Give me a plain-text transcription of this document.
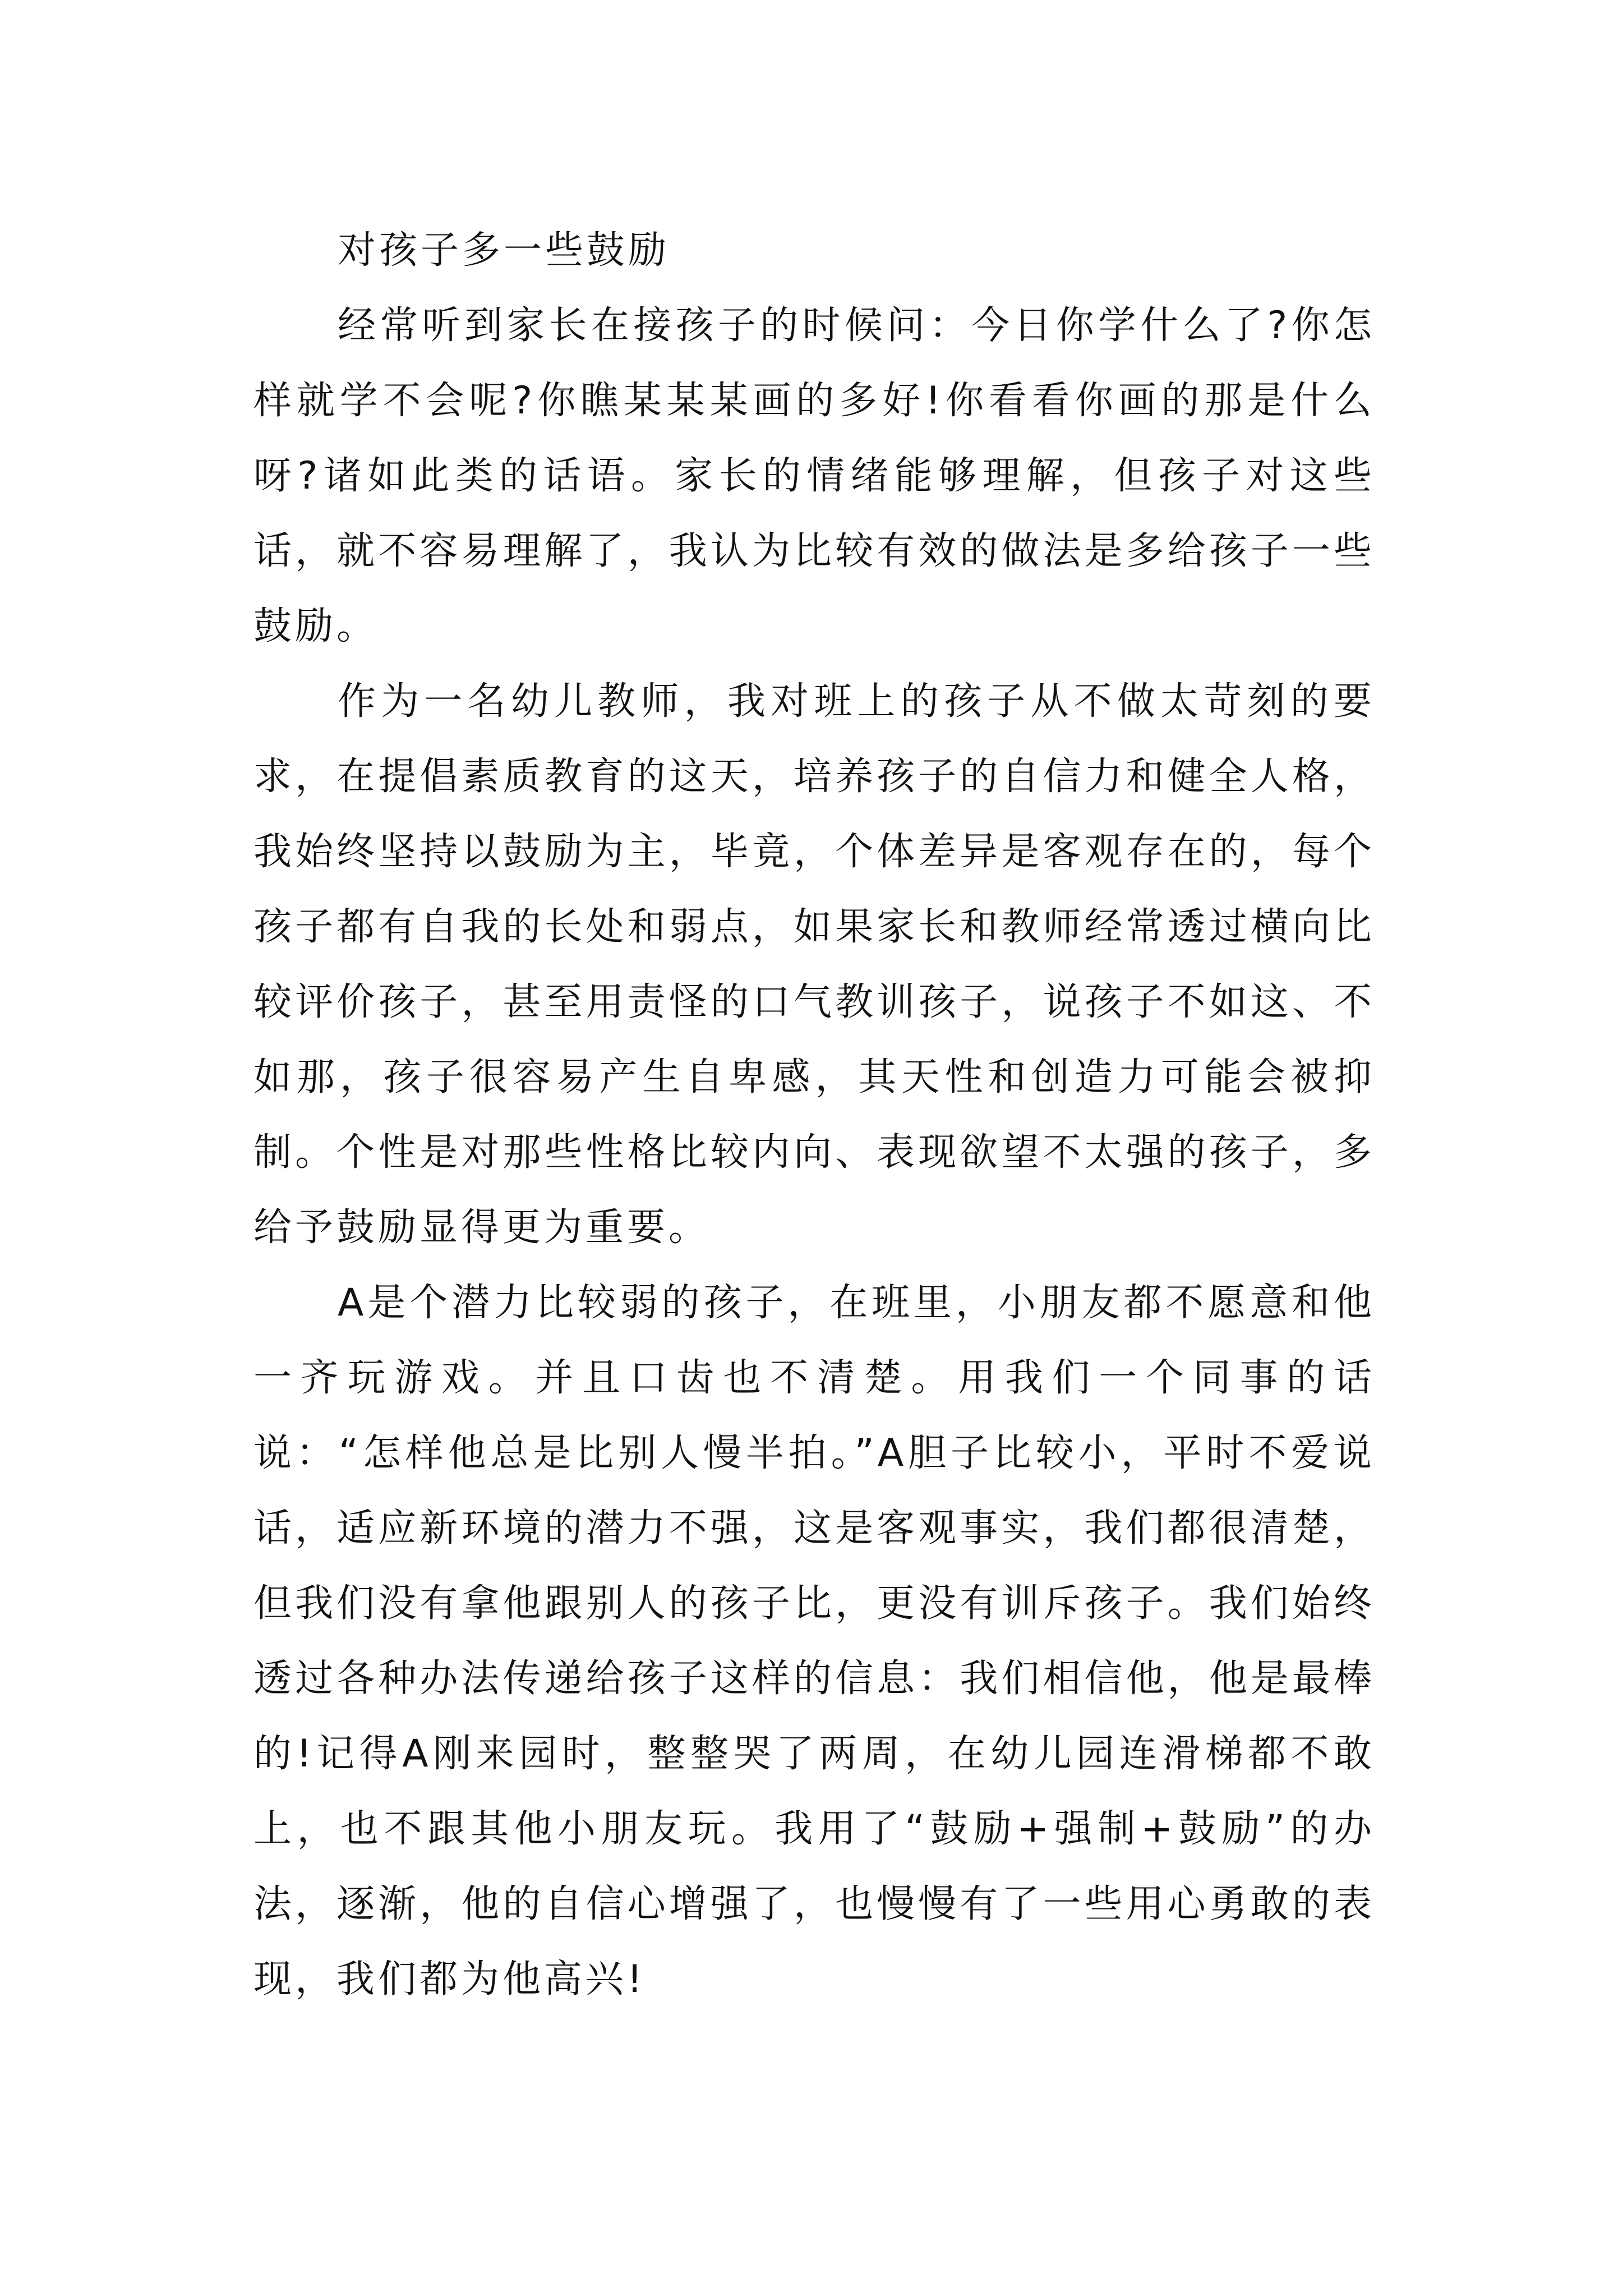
对孩子多一些鼓励

经常听到家长在接孩子的时候问：今日你学什么了?你怎样就学不会呢?你瞧某某某画的多好!你看看你画的那是什么呀?诸如此类的话语。家长的情绪能够理解，但孩子对这些话，就不容易理解了，我认为比较有效的做法是多给孩子一些鼓励。

作为一名幼儿教师，我对班上的孩子从不做太苛刻的要求，在提倡素质教育的这天，培养孩子的自信力和健全人格，我始终坚持以鼓励为主，毕竟，个体差异是客观存在的，每个孩子都有自我的长处和弱点，如果家长和教师经常透过横向比较评价孩子，甚至用责怪的口气教训孩子，说孩子不如这、不如那，孩子很容易产生自卑感，其天性和创造力可能会被抑制。个性是对那些性格比较内向、表现欲望不太强的孩子，多给予鼓励显得更为重要。

A是个潜力比较弱的孩子，在班里，小朋友都不愿意和他一齐玩游戏。并且口齿也不清楚。用我们一个同事的话说：“怎样他总是比别人慢半拍。”A胆子比较小，平时不爱说话，适应新环境的潜力不强，这是客观事实，我们都很清楚，但我们没有拿他跟别人的孩子比，更没有训斥孩子。我们始终透过各种办法传递给孩子这样的信息：我们相信他，他是最棒的!记得A刚来园时，整整哭了两周，在幼儿园连滑梯都不敢上，也不跟其他小朋友玩。我用了“鼓励+强制+鼓励”的办法，逐渐，他的自信心增强了，也慢慢有了一些用心勇敢的表现，我们都为他高兴!
